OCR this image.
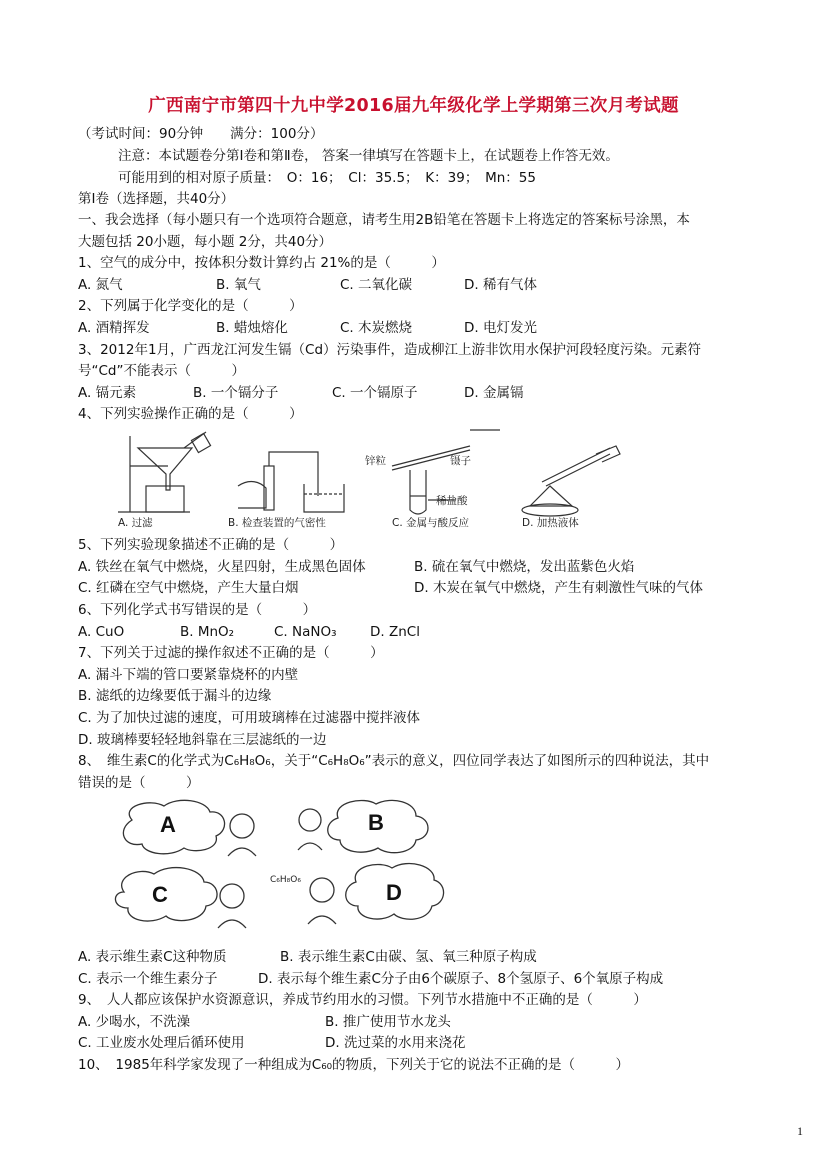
广西南宁市第四十九中学2016届九年级化学上学期第三次月考试题
（考试时间：90分钟　　满分：100分）
注意：本试题卷分第Ⅰ卷和第Ⅱ卷， 答案一律填写在答题卡上，在试题卷上作答无效。
可能用到的相对原子质量：　O：16；　Cl：35.5；　K：39；　Mn：55
第Ⅰ卷（选择题，共40分）
一、我会选择（每小题只有一个选项符合题意，请考生用2B铅笔在答题卡上将选定的答案标号涂黑，本
大题包括 20小题，每小题 2分，共40分）
1、空气的成分中，按体积分数计算约占 21%的是（　　　）
A. 氮气	B. 氧气	C. 二氧化碳	D. 稀有气体
2、下列属于化学变化的是（　　　）
A. 酒精挥发	B. 蜡烛熔化	C. 木炭燃烧	D. 电灯发光
3、2012年1月，广西龙江河发生镉（Cd）污染事件，造成柳江上游非饮用水保护河段轻度污染。元素符
号“Cd”不能表示（　　　）
A. 镉元素	B. 一个镉分子	C. 一个镉原子	D. 金属镉
4、下列实验操作正确的是（　　　）
锌粒	镊子
稀盐酸
A. 过滤	B. 检查装置的气密性	C. 金属与酸反应	D. 加热液体
5、下列实验现象描述不正确的是（　　　）
A. 铁丝在氧气中燃烧，火星四射，生成黑色固体	B. 硫在氧气中燃烧，发出蓝紫色火焰
C. 红磷在空气中燃烧，产生大量白烟	D. 木炭在氧气中燃烧，产生有刺激性气味的气体
6、下列化学式书写错误的是（　　　）
A. CuO	B. MnO₂	C. NaNO₃ D. ZnCl
7、下列关于过滤的操作叙述不正确的是（　　　）
A. 漏斗下端的管口要紧靠烧杯的内壁
B. 滤纸的边缘要低于漏斗的边缘
C. 为了加快过滤的速度，可用玻璃棒在过滤器中搅拌液体
D. 玻璃棒要轻轻地斜靠在三层滤纸的一边
8、　维生素C的化学式为C₆H₈O₆，关于“C₆H₈O₆”表示的意义，四位同学表达了如图所示的四种说法，其中
错误的是（　　　）
A	B
C	D
C₆H₈O₆
A. 表示维生素C这种物质	B. 表示维生素C由碳、氢、氧三种原子构成
C. 表示一个维生素分子	D. 表示每个维生素C分子由6个碳原子、8个氢原子、6个氧原子构成
9、　人人都应该保护水资源意识，养成节约用水的习惯。下列节水措施中不正确的是（　　　）
A. 少喝水，不洗澡	B. 推广使用节水龙头
C. 工业废水处理后循环使用	D. 洗过菜的水用来浇花
10、　1985年科学家发现了一种组成为C₆₀的物质，下列关于它的说法不正确的是（　　　）
1
